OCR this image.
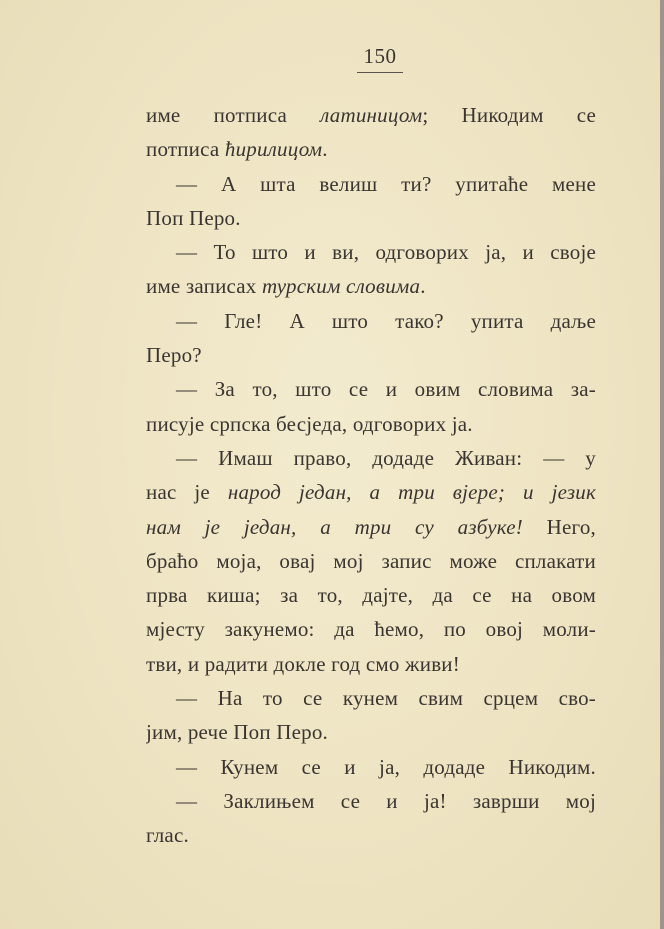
150
име потписа латиницом; Никодим се
потписа ћирилицом.
— А шта велиш ти? упитаће мене
Поп Перо.
— То што и ви, одговорих ја, и своје
име записах турским словима.
— Гле! А што тако? упита даље
Перо?
— За то, што се и овим словима за-
писује српска бесједа, одговорих ја.
— Имаш право, додаде Живан: — у
нас је народ један, а три вјере; и језик
нам је један, а три су азбуке! Него,
браћо моја, овај мој запис може сплакати
прва киша; за то, дајте, да се на овом
мјесту закунемо: да ћемо, по овој моли-
тви, и радити докле год смо живи!
— На то се кунем свим срцем сво-
јим, рече Поп Перо.
— Кунем се и ја, додаде Никодим.
— Заклињем се и ја! заврши мој
глас.
